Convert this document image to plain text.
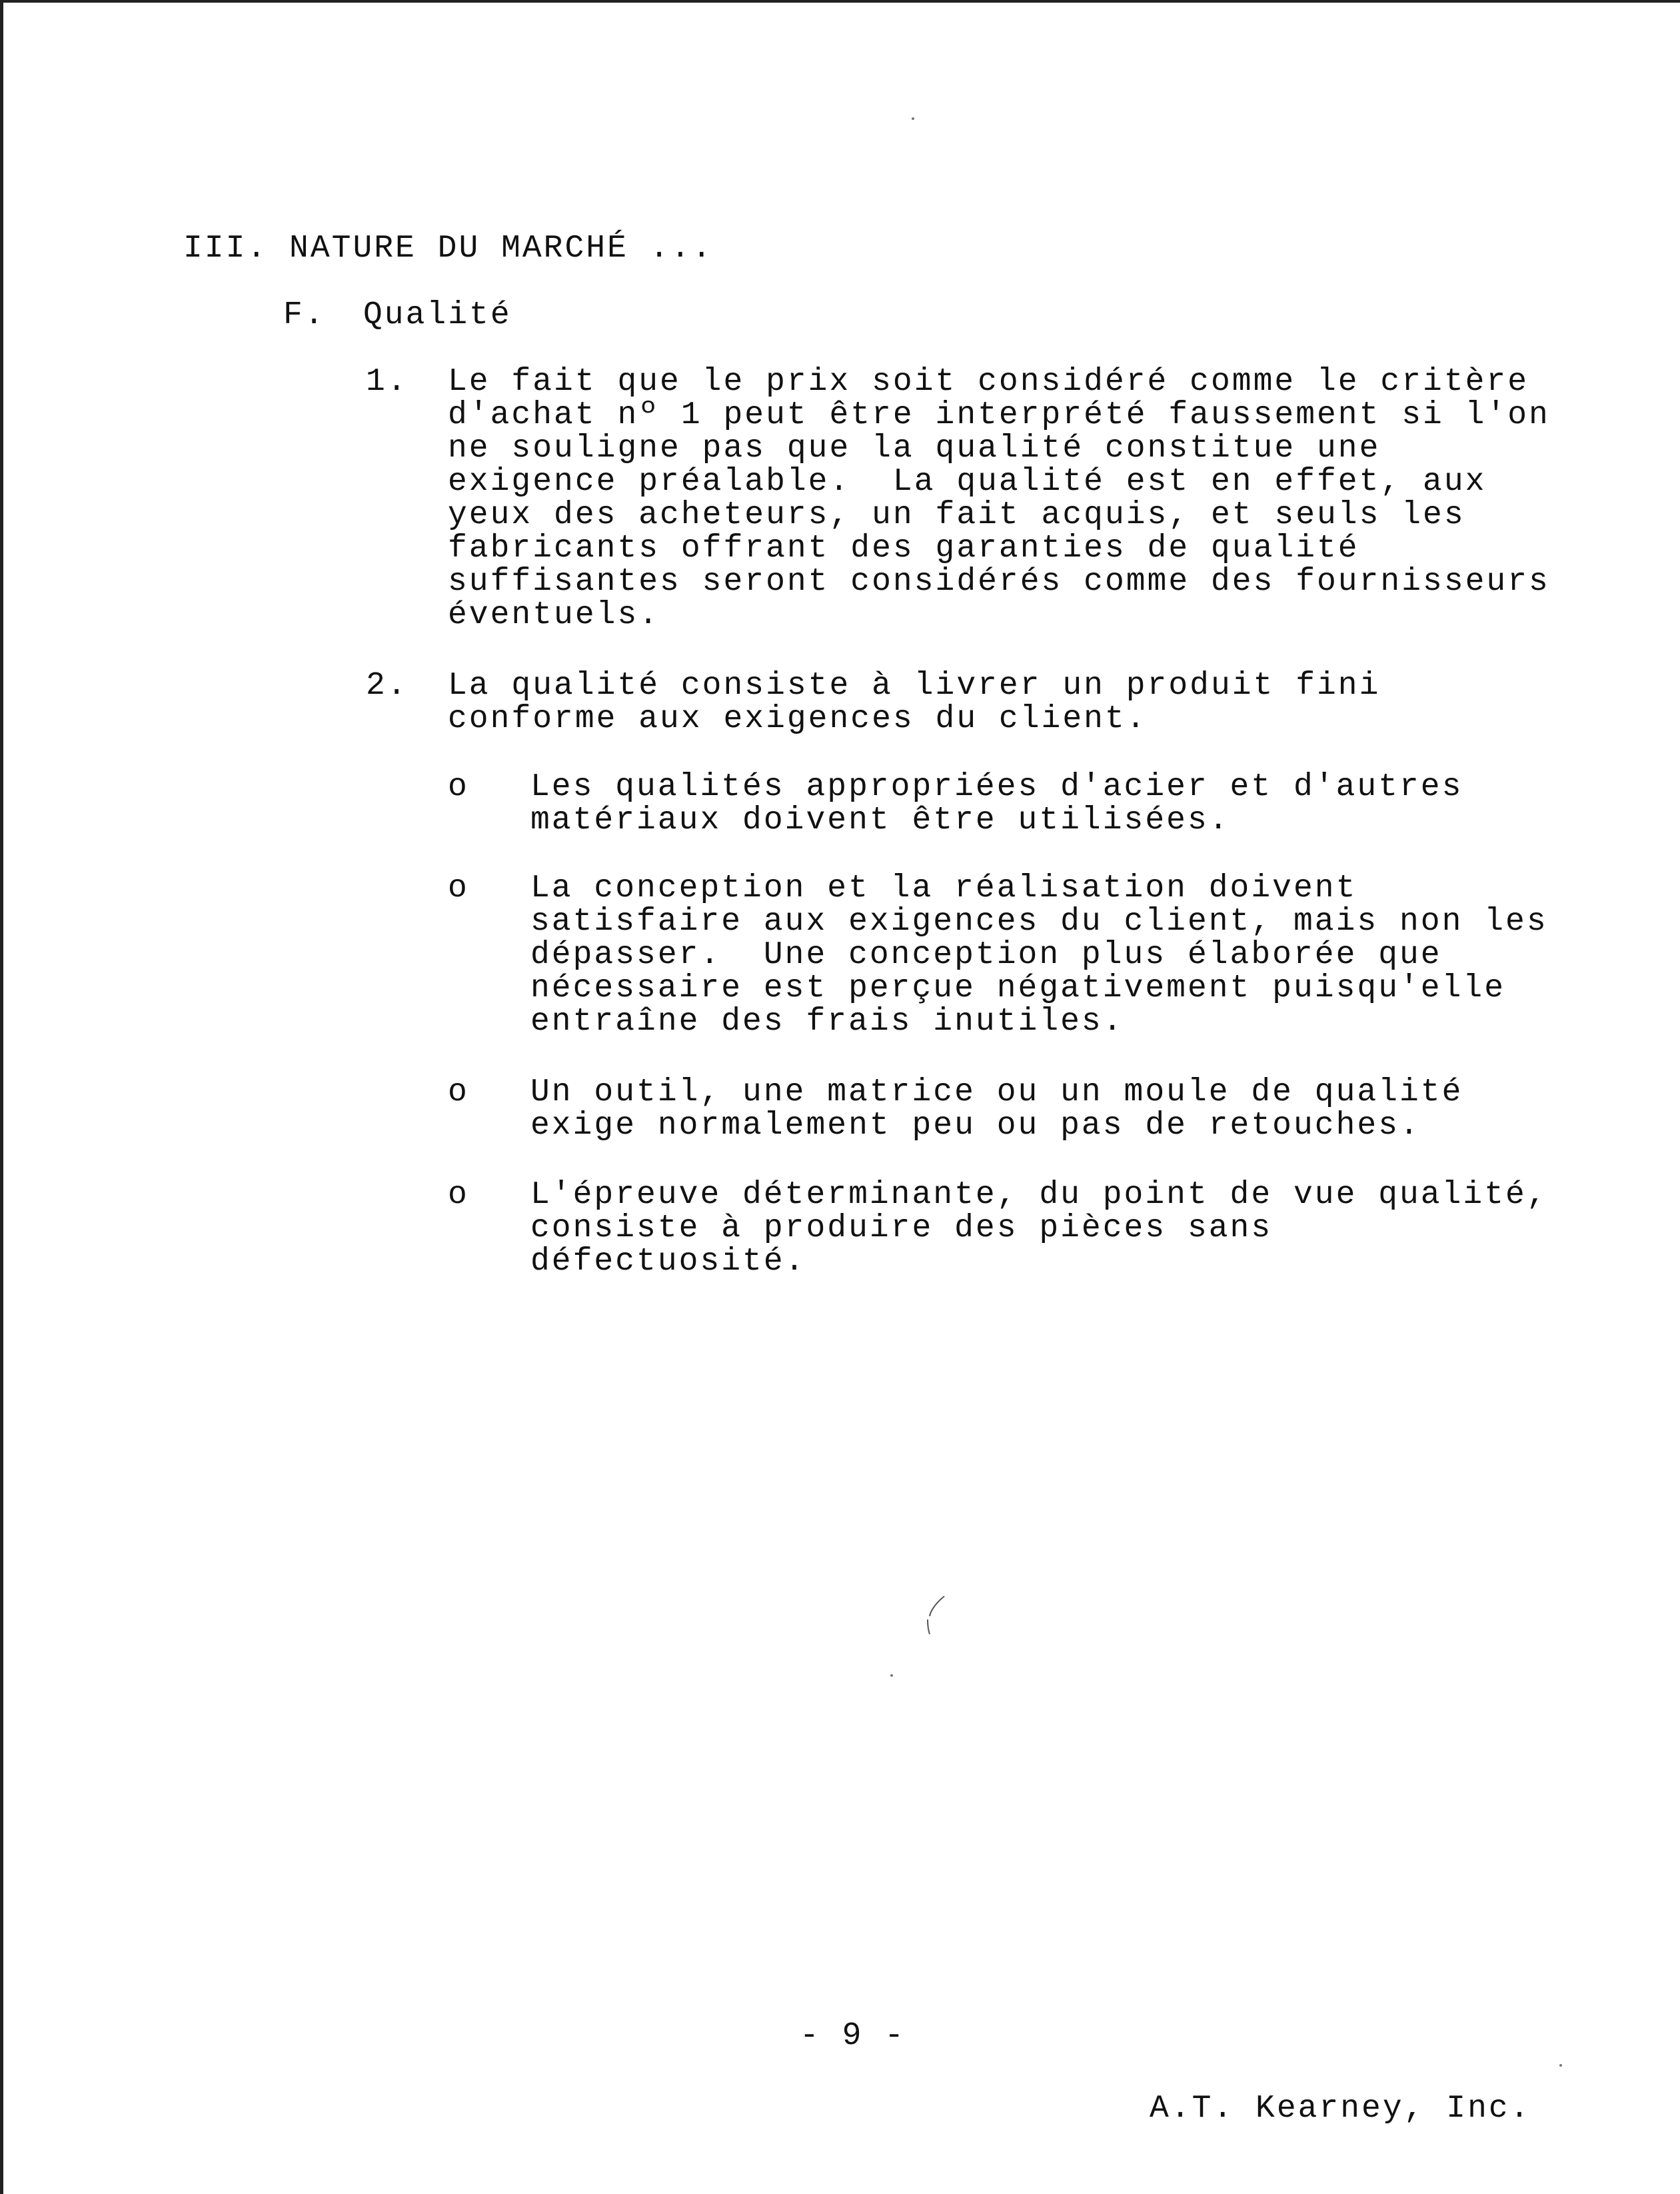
III. NATURE DU MARCHÉ ...

F. Qualité

1. Le fait que le prix soit considéré comme le critère

d'achat nº 1 peut être interprété faussement si l'on

ne souligne pas que la qualité constitue une

exigence préalable.  La qualité est en effet, aux

yeux des acheteurs, un fait acquis, et seuls les

fabricants offrant des garanties de qualité

suffisantes seront considérés comme des fournisseurs

éventuels.

2. La qualité consiste à livrer un produit fini

conforme aux exigences du client.

o Les qualités appropriées d'acier et d'autres

matériaux doivent être utilisées.

o La conception et la réalisation doivent

satisfaire aux exigences du client, mais non les

dépasser.  Une conception plus élaborée que

nécessaire est perçue négativement puisqu'elle

entraîne des frais inutiles.

o Un outil, une matrice ou un moule de qualité

exige normalement peu ou pas de retouches.

o L'épreuve déterminante, du point de vue qualité,

consiste à produire des pièces sans

défectuosité.

- 9 -

A.T. Kearney, Inc.
